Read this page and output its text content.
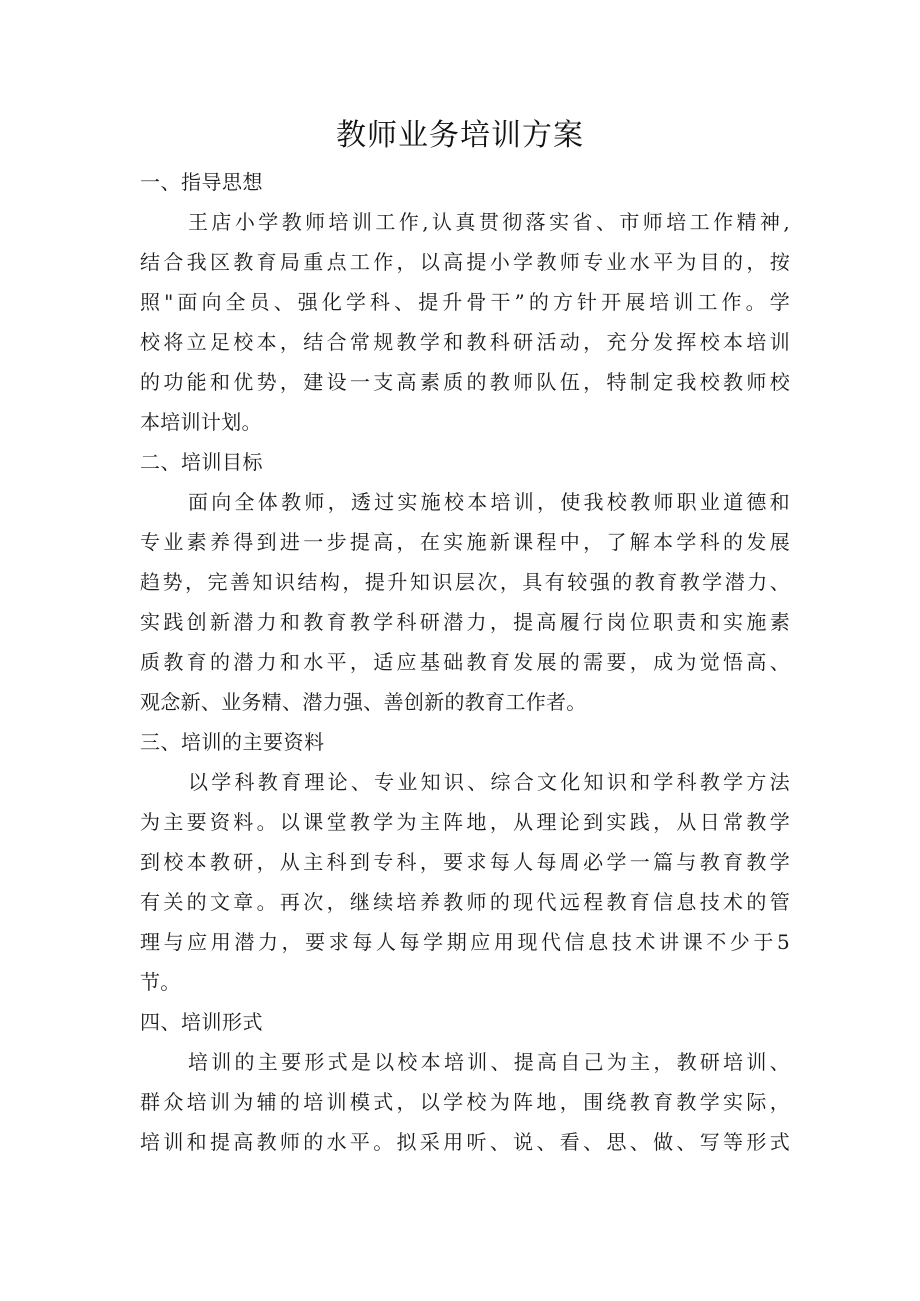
教师业务培训方案
一、指导思想
王店小学教师培训工作,认真贯彻落实省、市师培工作精神,
结合我区教育局重点工作，以高提小学教师专业水平为目的，按
照"面向全员、强化学科、提升骨干”的方针开展培训工作。学
校将立足校本，结合常规教学和教科研活动，充分发挥校本培训
的功能和优势，建设一支高素质的教师队伍，特制定我校教师校
本培训计划。
二、培训目标
面向全体教师，透过实施校本培训，使我校教师职业道德和
专业素养得到进一步提高，在实施新课程中，了解本学科的发展
趋势，完善知识结构，提升知识层次，具有较强的教育教学潜力、
实践创新潜力和教育教学科研潜力，提高履行岗位职责和实施素
质教育的潜力和水平，适应基础教育发展的需要，成为觉悟高、
观念新、业务精、潜力强、善创新的教育工作者。
三、培训的主要资料
以学科教育理论、专业知识、综合文化知识和学科教学方法
为主要资料。以课堂教学为主阵地，从理论到实践，从日常教学
到校本教研，从主科到专科，要求每人每周必学一篇与教育教学
有关的文章。再次，继续培养教师的现代远程教育信息技术的管
理与应用潜力，要求每人每学期应用现代信息技术讲课不少于5
节。
四、培训形式
培训的主要形式是以校本培训、提高自己为主，教研培训、
群众培训为辅的培训模式，以学校为阵地，围绕教育教学实际，
培训和提高教师的水平。拟采用听、说、看、思、做、写等形式
